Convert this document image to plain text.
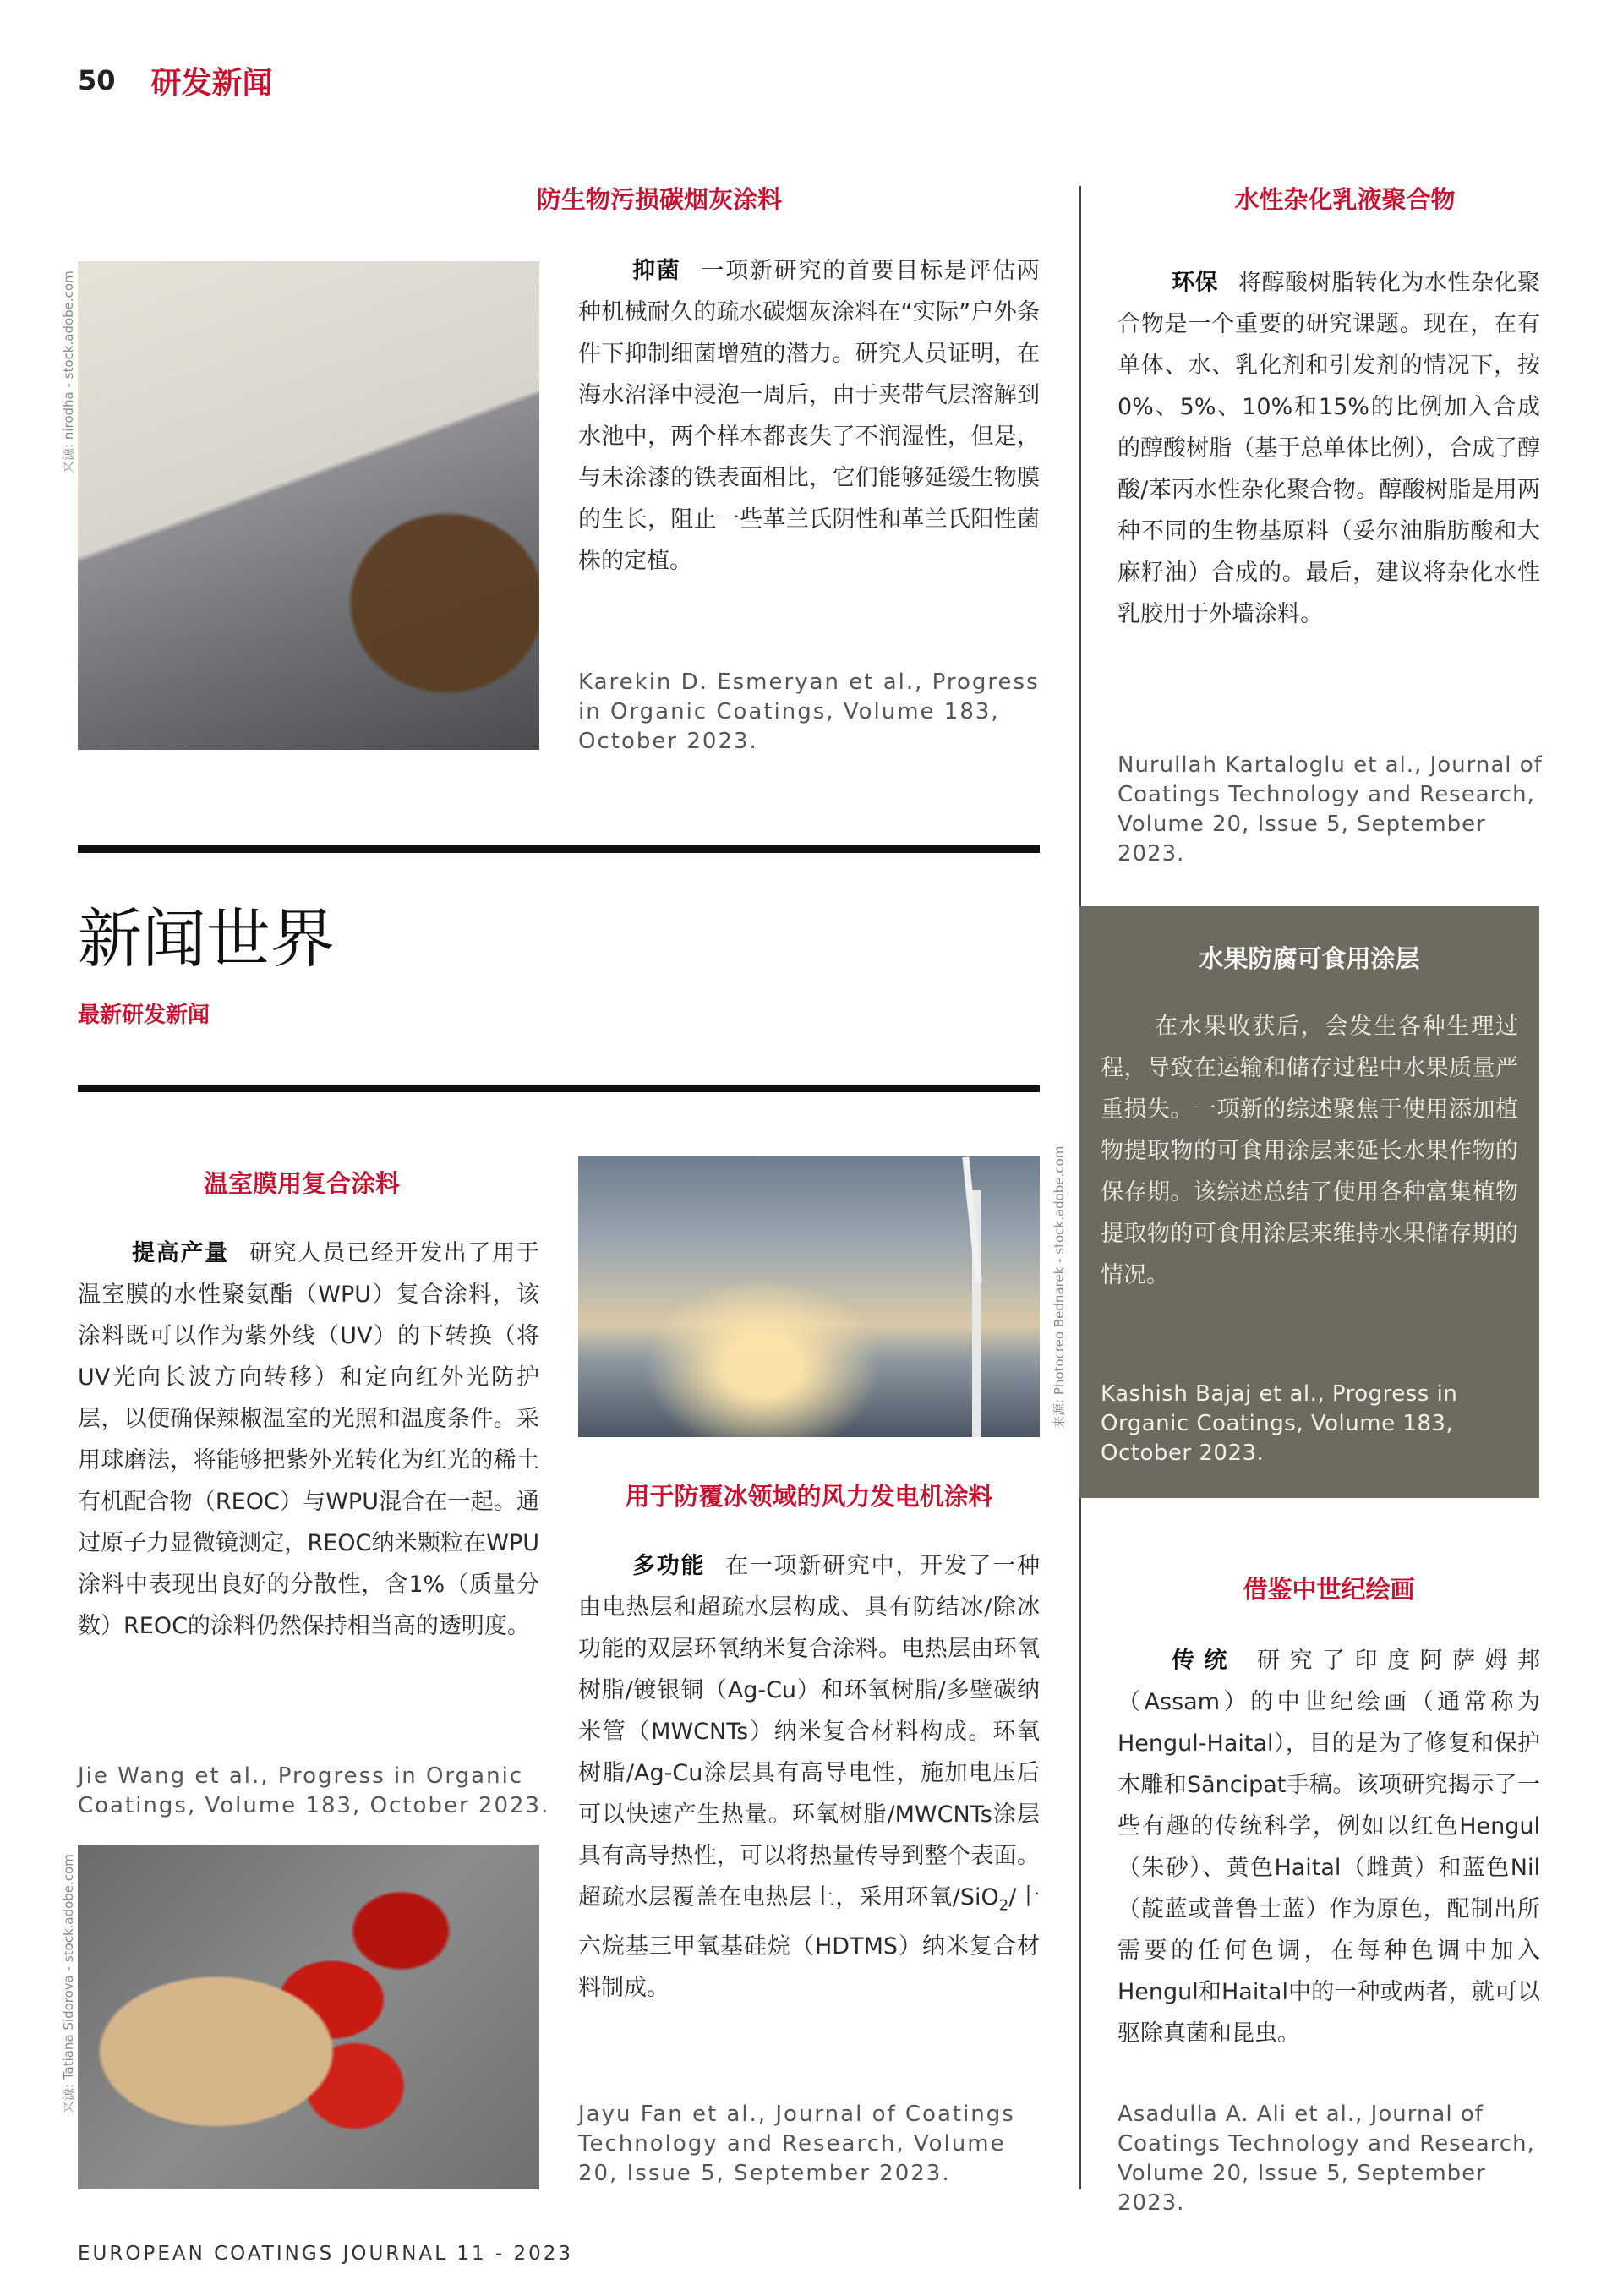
50 研发新闻
防生物污损碳烟灰涂料
来源: nirodha - stock.adobe.com	抑菌 一项新研究的首要目标是评估两种机械耐久的疏水碳烟灰涂料在“实际”户外条件下抑制细菌增殖的潜力。研究人员证明，在海水沼泽中浸泡一周后，由于夹带气层溶解到水池中，两个样本都丧失了不润湿性，但是，与未涂漆的铁表面相比，它们能够延缓生物膜的生长，阻止一些革兰氏阴性和革兰氏阳性菌株的定植。

Karekin D. Esmeryan et al., Progress in Organic Coatings, Volume 183, October 2023.

水性杂化乳液聚合物

环保 将醇酸树脂转化为水性杂化聚合物是一个重要的研究课题。现在，在有单体、水、乳化剂和引发剂的情况下，按0%、5%、10%和15%的比例加入合成的醇酸树脂（基于总单体比例），合成了醇酸/苯丙水性杂化聚合物。醇酸树脂是用两种不同的生物基原料（妥尔油脂肪酸和大麻籽油）合成的。最后，建议将杂化水性乳胶用于外墙涂料。

Nurullah Kartaloglu et al., Journal of Coatings Technology and Research, Volume 20, Issue 5, September 2023.

新闻世界
最新研发新闻
水果防腐可食用涂层

在水果收获后，会发生各种生理过程，导致在运输和储存过程中水果质量严重损失。一项新的综述聚焦于使用添加植物提取物的可食用涂层来延长水果作物的保存期。该综述总结了使用各种富集植物提取物的可食用涂层来维持水果储存期的情况。

Kashish Bajaj et al., Progress in Organic Coatings, Volume 183, October 2023.

温室膜用复合涂料

提高产量 研究人员已经开发出了用于温室膜的水性聚氨酯（WPU）复合涂料，该涂料既可以作为紫外线（UV）的下转换（将UV光向长波方向转移）和定向红外光防护层，以便确保辣椒温室的光照和温度条件。采用球磨法，将能够把紫外光转化为红光的稀土有机配合物（REOC）与WPU混合在一起。通过原子力显微镜测定，REOC纳米颗粒在WPU涂料中表现出良好的分散性，含1%（质量分数）REOC的涂料仍然保持相当高的透明度。

Jie Wang et al., Progress in Organic Coatings, Volume 183, October 2023.

来源: Tatiana Sidorova - stock.adobe.com
来源: Photocreo Bednarek - stock.adobe.com
用于防覆冰领域的风力发电机涂料

多功能 在一项新研究中，开发了一种由电热层和超疏水层构成、具有防结冰/除冰功能的双层环氧纳米复合涂料。电热层由环氧树脂/镀银铜（Ag-Cu）和环氧树脂/多壁碳纳米管（MWCNTs）纳米复合材料构成。环氧树脂/Ag-Cu涂层具有高导电性，施加电压后可以快速产生热量。环氧树脂/MWCNTs涂层具有高导热性，可以将热量传导到整个表面。超疏水层覆盖在电热层上，采用环氧/SiO$_2$/十六烷基三甲氧基硅烷（HDTMS）纳米复合材料制成。

Jayu Fan et al., Journal of Coatings Technology and Research, Volume 20, Issue 5, September 2023.

借鉴中世纪绘画

传统 研究了印度阿萨姆邦（Assam）的中世纪绘画（通常称为Hengul-Haital），目的是为了修复和保护木雕和Sāncipat手稿。该项研究揭示了一些有趣的传统科学，例如以红色Hengul（朱砂）、黄色Haital（雌黄）和蓝色Nil（靛蓝或普鲁士蓝）作为原色，配制出所需要的任何色调，在每种色调中加入Hengul和Haital中的一种或两者，就可以驱除真菌和昆虫。

Asadulla A. Ali et al., Journal of Coatings Technology and Research, Volume 20, Issue 5, September 2023.

EUROPEAN COATINGS JOURNAL 11 - 2023
